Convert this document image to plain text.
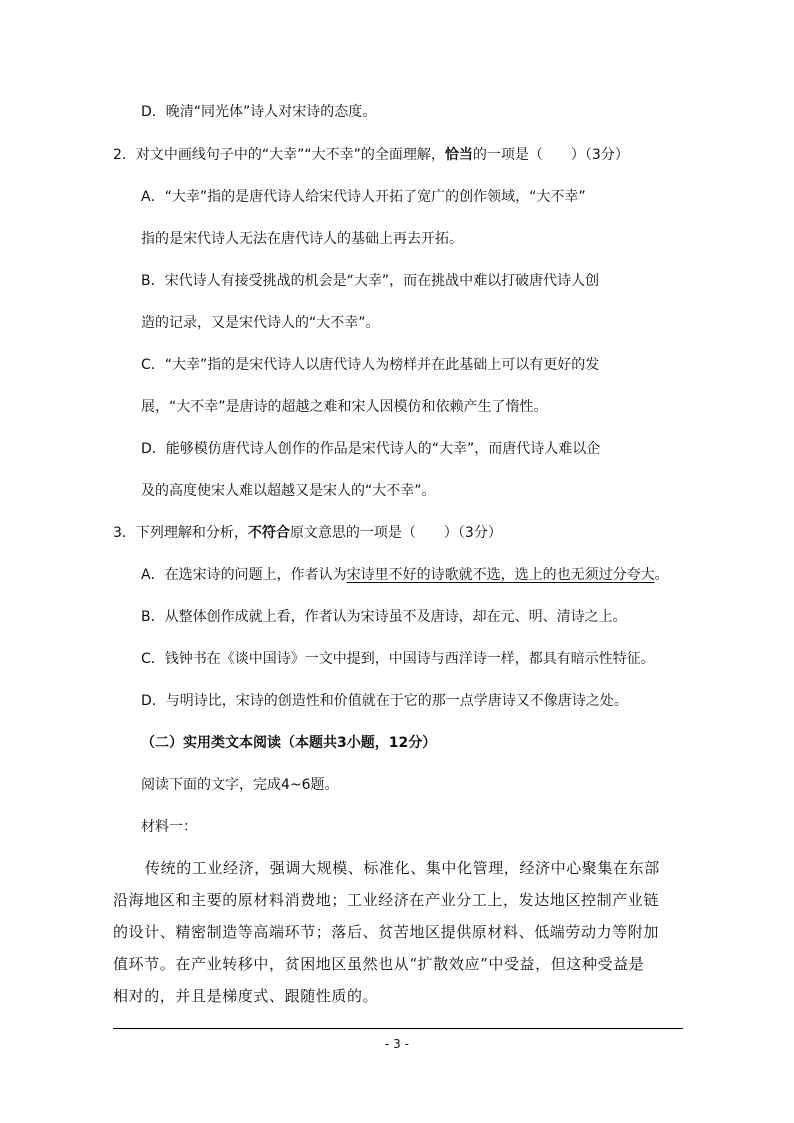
D．晚清“同光体”诗人对宋诗的态度。
2．对文中画线句子中的“大幸”“大不幸”的全面理解，恰当的一项是（　　）（3分）
A．“大幸”指的是唐代诗人给宋代诗人开拓了宽广的创作领域，“大不幸”
指的是宋代诗人无法在唐代诗人的基础上再去开拓。
B．宋代诗人有接受挑战的机会是“大幸”，而在挑战中难以打破唐代诗人创
造的记录，又是宋代诗人的“大不幸”。
C．“大幸”指的是宋代诗人以唐代诗人为榜样并在此基础上可以有更好的发
展，“大不幸”是唐诗的超越之难和宋人因模仿和依赖产生了惰性。
D．能够模仿唐代诗人创作的作品是宋代诗人的“大幸”，而唐代诗人难以企
及的高度使宋人难以超越又是宋人的“大不幸”。
3．下列理解和分析，不符合原文意思的一项是（　　）（3分）
A．在选宋诗的问题上，作者认为宋诗里不好的诗歌就不选，选上的也无须过分夸大。
B．从整体创作成就上看，作者认为宋诗虽不及唐诗，却在元、明、清诗之上。
C．钱钟书在《谈中国诗》一文中提到，中国诗与西洋诗一样，都具有暗示性特征。
D．与明诗比，宋诗的创造性和价值就在于它的那一点学唐诗又不像唐诗之处。
（二）实用类文本阅读（本题共3小题，12分）
阅读下面的文字，完成4~6题。
材料一：
传统的工业经济，强调大规模、标准化、集中化管理，经济中心聚集在东部
沿海地区和主要的原材料消费地；工业经济在产业分工上，发达地区控制产业链
的设计、精密制造等高端环节；落后、贫苦地区提供原材料、低端劳动力等附加
值环节。在产业转移中，贫困地区虽然也从“扩散效应”中受益，但这种受益是
相对的，并且是梯度式、跟随性质的。
- 3 -
